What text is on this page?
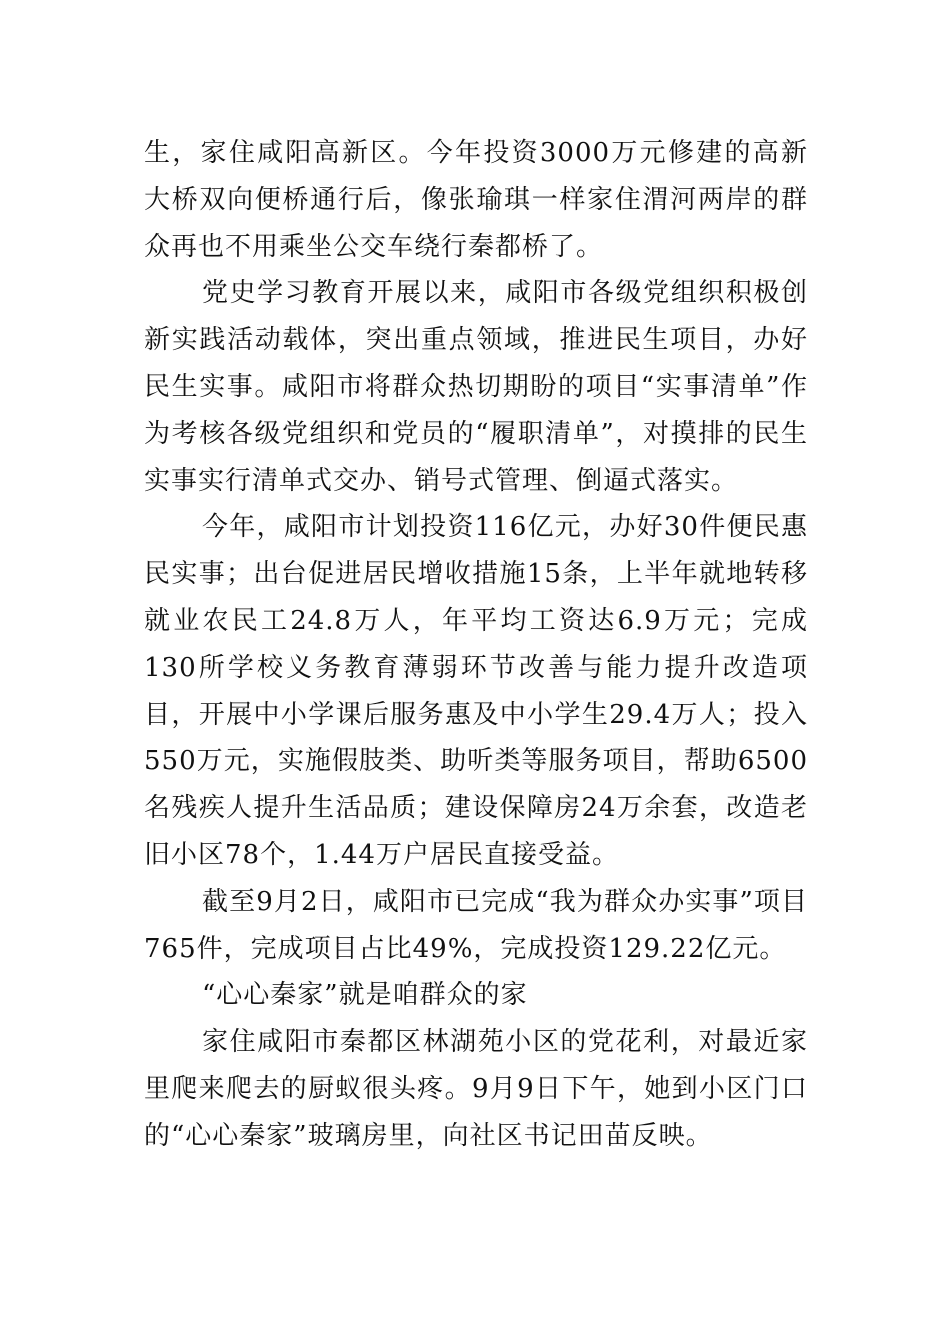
生，家住咸阳高新区。今年投资3000万元修建的高新大桥双向便桥通行后，像张瑜琪一样家住渭河两岸的群众再也不用乘坐公交车绕行秦都桥了。

党史学习教育开展以来，咸阳市各级党组织积极创新实践活动载体，突出重点领域，推进民生项目，办好民生实事。咸阳市将群众热切期盼的项目“实事清单”作为考核各级党组织和党员的“履职清单”，对摸排的民生实事实行清单式交办、销号式管理、倒逼式落实。

今年，咸阳市计划投资116亿元，办好30件便民惠民实事；出台促进居民增收措施15条，上半年就地转移就业农民工24.8万人，年平均工资达6.9万元；完成130所学校义务教育薄弱环节改善与能力提升改造项目，开展中小学课后服务惠及中小学生29.4万人；投入550万元，实施假肢类、助听类等服务项目，帮助6500名残疾人提升生活品质；建设保障房24万余套，改造老旧小区78个，1.44万户居民直接受益。

截至9月2日，咸阳市已完成“我为群众办实事”项目765件，完成项目占比49%，完成投资129.22亿元。

“心心秦家”就是咱群众的家

家住咸阳市秦都区林湖苑小区的党花利，对最近家里爬来爬去的厨蚁很头疼。9月9日下午，她到小区门口的“心心秦家”玻璃房里，向社区书记田苗反映。
